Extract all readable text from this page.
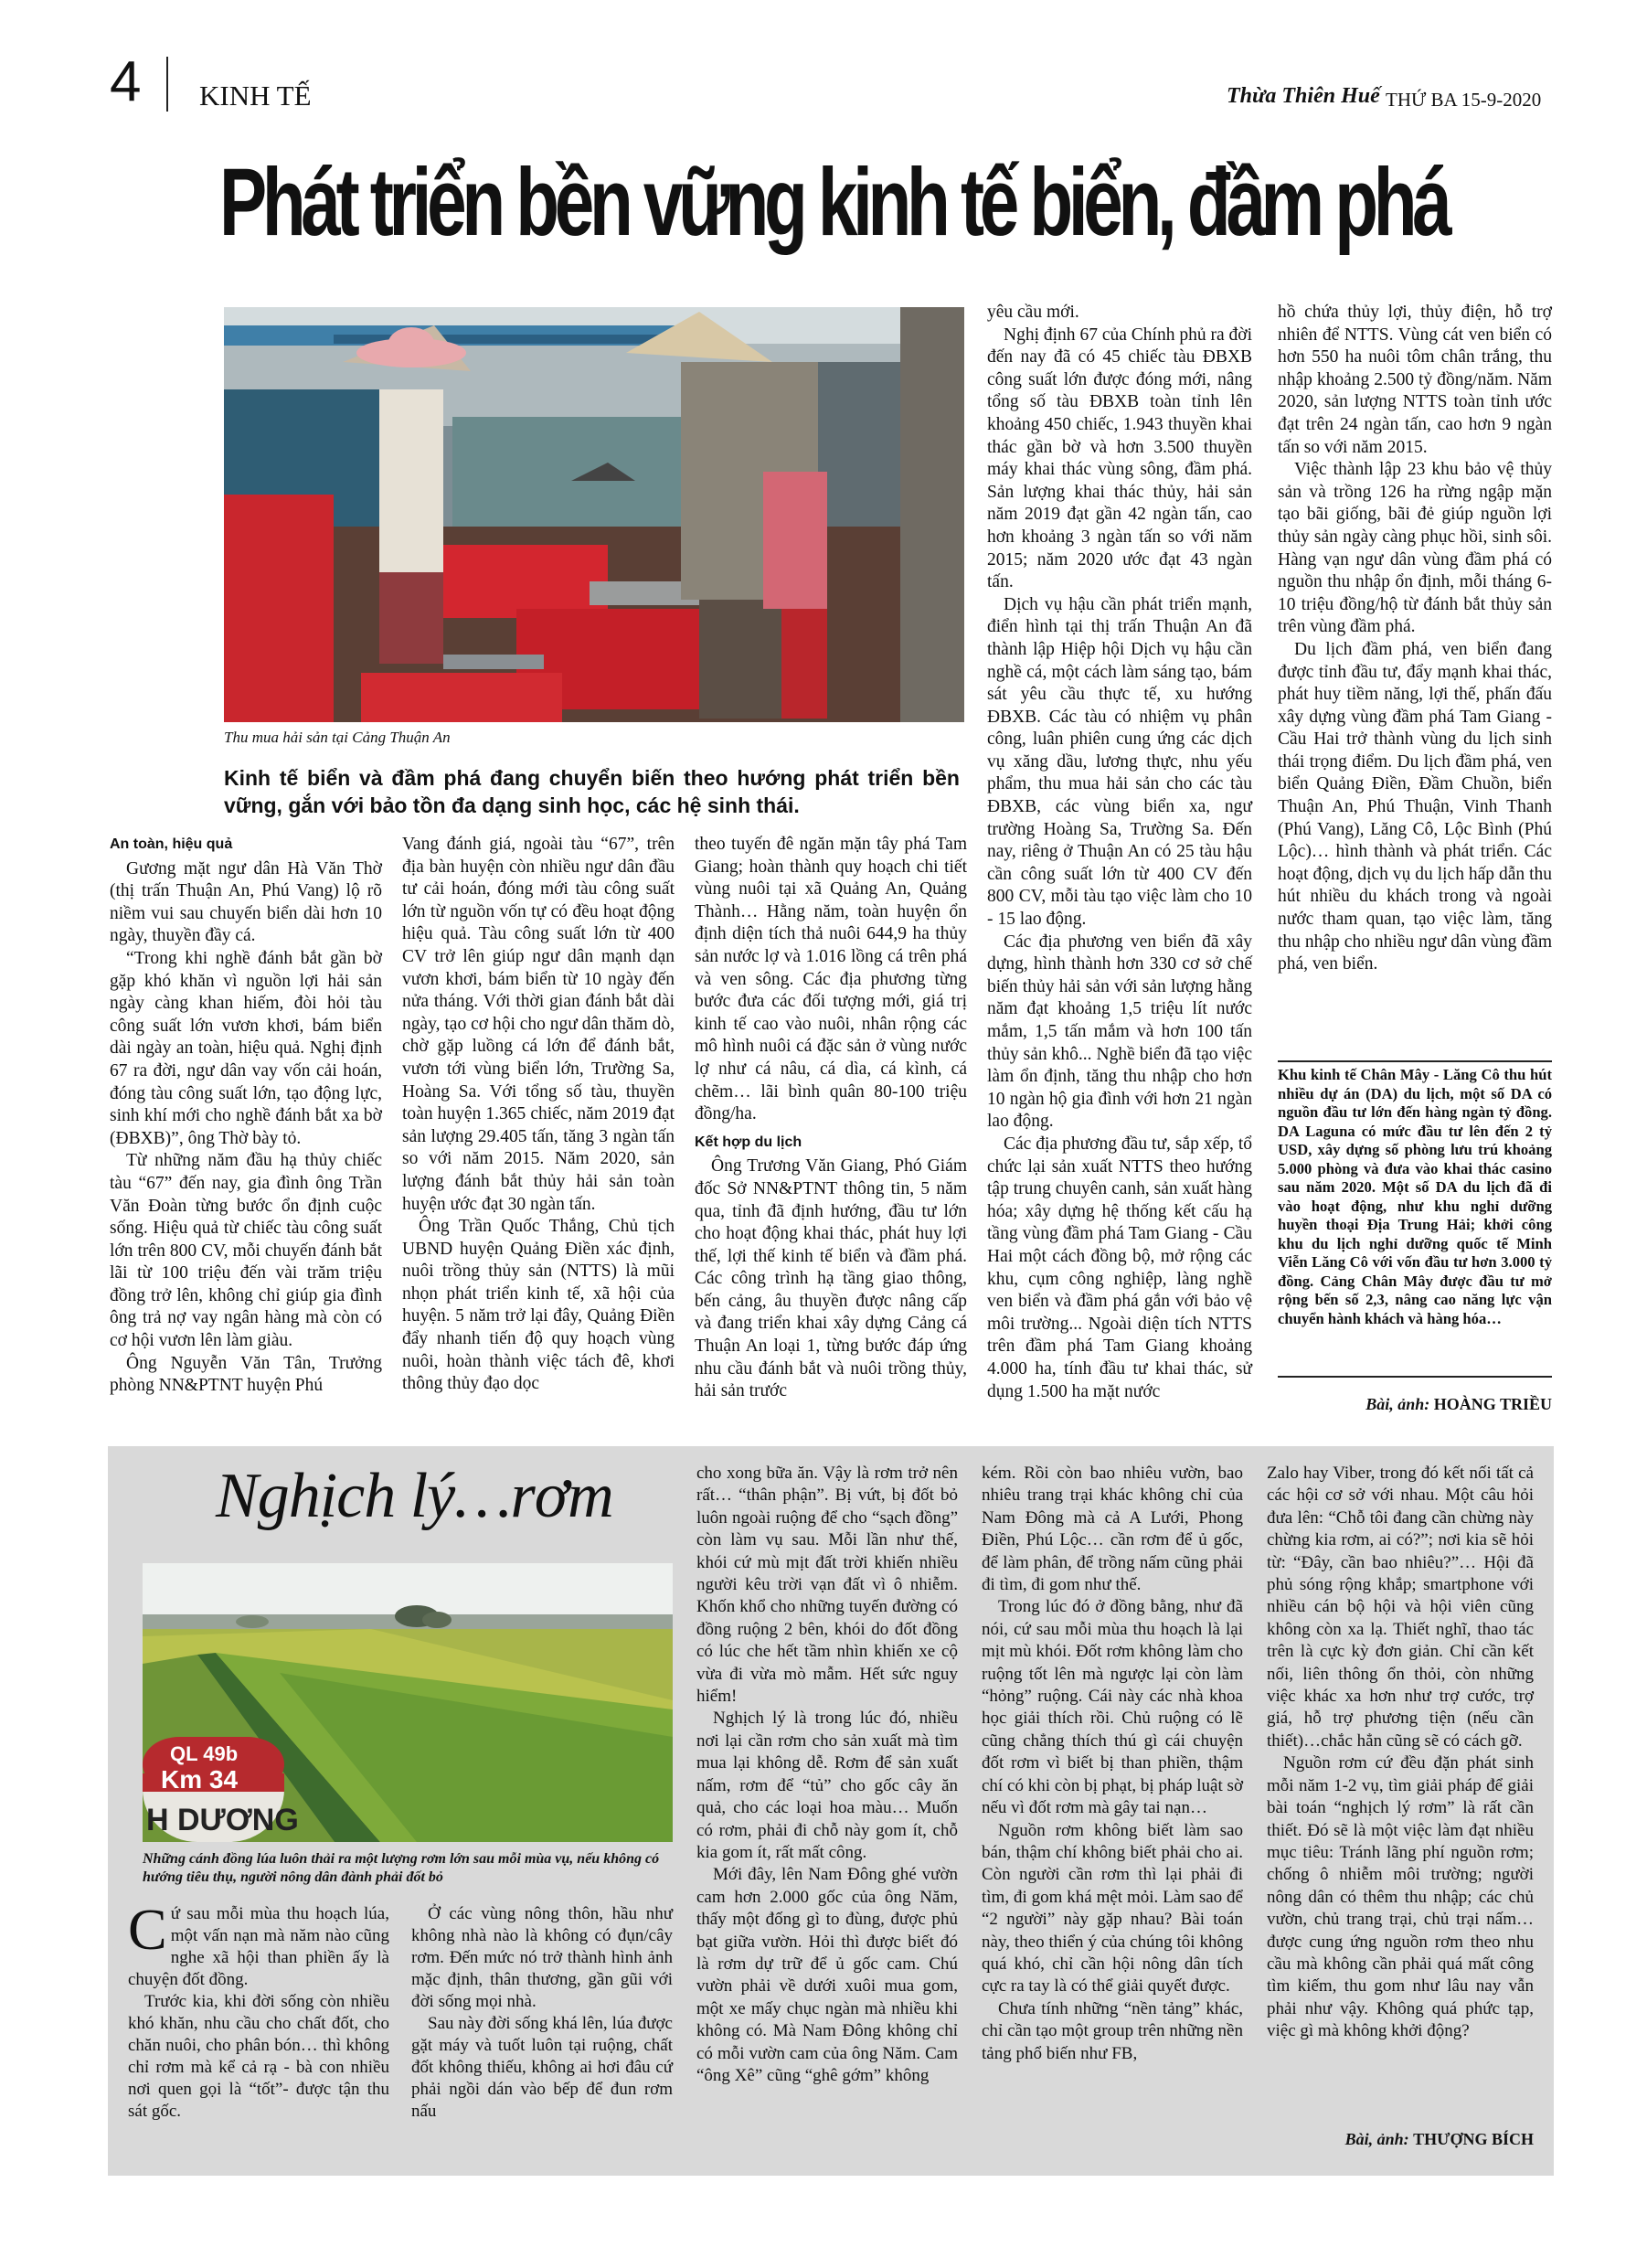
4 KINH TẾ	Thừa Thiên Huế THỨ BA 15-9-2020
Phát triển bền vững kinh tế biển, đầm phá
Thu mua hải sản tại Cảng Thuận An
Kinh tế biển và đầm phá đang chuyển biến theo hướng phát triển bền vững, gắn với bảo tồn đa dạng sinh học, các hệ sinh thái.
An toàn, hiệu quả

Gương mặt ngư dân Hà Văn Thờ (thị trấn Thuận An, Phú Vang) lộ rõ niềm vui sau chuyến biển dài hơn 10 ngày, thuyền đầy cá.

“Trong khi nghề đánh bắt gần bờ gặp khó khăn vì nguồn lợi hải sản ngày càng khan hiếm, đòi hỏi tàu công suất lớn vươn khơi, bám biển dài ngày an toàn, hiệu quả. Nghị định 67 ra đời, ngư dân vay vốn cải hoán, đóng tàu công suất lớn, tạo động lực, sinh khí mới cho nghề đánh bắt xa bờ (ĐBXB)”, ông Thờ bày tỏ.

Từ những năm đầu hạ thủy chiếc tàu “67” đến nay, gia đình ông Trần Văn Đoàn từng bước ổn định cuộc sống. Hiệu quả từ chiếc tàu công suất lớn trên 800 CV, mỗi chuyến đánh bắt lãi từ 100 triệu đến vài trăm triệu đồng trở lên, không chỉ giúp gia đình ông trả nợ vay ngân hàng mà còn có cơ hội vươn lên làm giàu.

Ông Nguyễn Văn Tân, Trưởng phòng NN&PTNT huyện Phú

Vang đánh giá, ngoài tàu “67”, trên địa bàn huyện còn nhiều ngư dân đầu tư cải hoán, đóng mới tàu công suất lớn từ nguồn vốn tự có đều hoạt động hiệu quả. Tàu công suất lớn từ 400 CV trở lên giúp ngư dân mạnh dạn vươn khơi, bám biển từ 10 ngày đến nửa tháng. Với thời gian đánh bắt dài ngày, tạo cơ hội cho ngư dân thăm dò, chờ gặp luồng cá lớn để đánh bắt, vươn tới vùng biển lớn, Trường Sa, Hoàng Sa. Với tổng số tàu, thuyền toàn huyện 1.365 chiếc, năm 2019 đạt sản lượng 29.405 tấn, tăng 3 ngàn tấn so với năm 2015. Năm 2020, sản lượng đánh bắt thủy hải sản toàn huyện ước đạt 30 ngàn tấn.

Ông Trần Quốc Thắng, Chủ tịch UBND huyện Quảng Điền xác định, nuôi trồng thủy sản (NTTS) là mũi nhọn phát triển kinh tế, xã hội của huyện. 5 năm trở lại đây, Quảng Điền đẩy nhanh tiến độ quy hoạch vùng nuôi, hoàn thành việc tách đê, khơi thông thủy đạo dọc

theo tuyến đê ngăn mặn tây phá Tam Giang; hoàn thành quy hoạch chi tiết vùng nuôi tại xã Quảng An, Quảng Thành… Hằng năm, toàn huyện ổn định diện tích thả nuôi 644,9 ha thủy sản nước lợ và 1.016 lồng cá trên phá và ven sông. Các địa phương từng bước đưa các đối tượng mới, giá trị kinh tế cao vào nuôi, nhân rộng các mô hình nuôi cá đặc sản ở vùng nước lợ như cá nâu, cá dìa, cá kình, cá chẽm… lãi bình quân 80-100 triệu đồng/ha.

Kết hợp du lịch

Ông Trương Văn Giang, Phó Giám đốc Sở NN&PTNT thông tin, 5 năm qua, tỉnh đã định hướng, đầu tư lớn cho hoạt động khai thác, phát huy lợi thế, lợi thế kinh tế biển và đầm phá. Các công trình hạ tầng giao thông, bến cảng, âu thuyền được nâng cấp và đang triển khai xây dựng Cảng cá Thuận An loại 1, từng bước đáp ứng nhu cầu đánh bắt và nuôi trồng thủy, hải sản trước

yêu cầu mới.

Nghị định 67 của Chính phủ ra đời đến nay đã có 45 chiếc tàu ĐBXB công suất lớn được đóng mới, nâng tổng số tàu ĐBXB toàn tỉnh lên khoảng 450 chiếc, 1.943 thuyền khai thác gần bờ và hơn 3.500 thuyền máy khai thác vùng sông, đầm phá. Sản lượng khai thác thủy, hải sản năm 2019 đạt gần 42 ngàn tấn, cao hơn khoảng 3 ngàn tấn so với năm 2015; năm 2020 ước đạt 43 ngàn tấn.

Dịch vụ hậu cần phát triển mạnh, điển hình tại thị trấn Thuận An đã thành lập Hiệp hội Dịch vụ hậu cần nghề cá, một cách làm sáng tạo, bám sát yêu cầu thực tế, xu hướng ĐBXB. Các tàu có nhiệm vụ phân công, luân phiên cung ứng các dịch vụ xăng dầu, lương thực, nhu yếu phẩm, thu mua hải sản cho các tàu ĐBXB, các vùng biển xa, ngư trường Hoàng Sa, Trường Sa. Đến nay, riêng ở Thuận An có 25 tàu hậu cần công suất lớn từ 400 CV đến 800 CV, mỗi tàu tạo việc làm cho 10 - 15 lao động.

Các địa phương ven biển đã xây dựng, hình thành hơn 330 cơ sở chế biến thủy hải sản với sản lượng hằng năm đạt khoảng 1,5 triệu lít nước mắm, 1,5 tấn mắm và hơn 100 tấn thủy sản khô... Nghề biển đã tạo việc làm ổn định, tăng thu nhập cho hơn 10 ngàn hộ gia đình với hơn 21 ngàn lao động.

Các địa phương đầu tư, sắp xếp, tổ chức lại sản xuất NTTS theo hướng tập trung chuyên canh, sản xuất hàng hóa; xây dựng hệ thống kết cấu hạ tầng vùng đầm phá Tam Giang - Cầu Hai một cách đồng bộ, mở rộng các khu, cụm công nghiệp, làng nghề ven biển và đầm phá gắn với bảo vệ môi trường... Ngoài diện tích NTTS trên đầm phá Tam Giang khoảng 4.000 ha, tính đầu tư khai thác, sử dụng 1.500 ha mặt nước

hồ chứa thủy lợi, thủy điện, hỗ trợ nhiên để NTTS. Vùng cát ven biển có hơn 550 ha nuôi tôm chân trắng, thu nhập khoảng 2.500 tỷ đồng/năm. Năm 2020, sản lượng NTTS toàn tỉnh ước đạt trên 24 ngàn tấn, cao hơn 9 ngàn tấn so với năm 2015.

Việc thành lập 23 khu bảo vệ thủy sản và trồng 126 ha rừng ngập mặn tạo bãi giống, bãi đẻ giúp nguồn lợi thủy sản ngày càng phục hồi, sinh sôi. Hàng vạn ngư dân vùng đầm phá có nguồn thu nhập ổn định, mỗi tháng 6-10 triệu đồng/hộ từ đánh bắt thủy sản trên vùng đầm phá.

Du lịch đầm phá, ven biển đang được tỉnh đầu tư, đẩy mạnh khai thác, phát huy tiềm năng, lợi thế, phấn đấu xây dựng vùng đầm phá Tam Giang - Cầu Hai trở thành vùng du lịch sinh thái trọng điểm. Du lịch đầm phá, ven biển Quảng Điền, Đầm Chuồn, biển Thuận An, Phú Thuận, Vinh Thanh (Phú Vang), Lăng Cô, Lộc Bình (Phú Lộc)… hình thành và phát triển. Các hoạt động, dịch vụ du lịch hấp dẫn thu hút nhiều du khách trong và ngoài nước tham quan, tạo việc làm, tăng thu nhập cho nhiều ngư dân vùng đầm phá, ven biển.

Khu kinh tế Chân Mây - Lăng Cô thu hút nhiều dự án (DA) du lịch, một số DA có nguồn đầu tư lớn đến hàng ngàn tỷ đồng. DA Laguna có mức đầu tư lên đến 2 tỷ USD, xây dựng số phòng lưu trú khoảng 5.000 phòng và đưa vào khai thác casino sau năm 2020. Một số DA du lịch đã đi vào hoạt động, như khu nghỉ dưỡng huyền thoại Địa Trung Hải; khởi công khu du lịch nghỉ dưỡng quốc tế Minh Viễn Lăng Cô với vốn đầu tư hơn 3.000 tỷ đồng. Cảng Chân Mây được đầu tư mở rộng bến số 2,3, nâng cao năng lực vận chuyển hành khách và hàng hóa…
Bài, ảnh: HOÀNG TRIỀU
Nghịch lý…rơm
QL 49b
Km 34
H DƯƠNG
Những cánh đồng lúa luôn thải ra một lượng rơm lớn sau mỗi mùa vụ, nếu không có hướng tiêu thụ, người nông dân đành phải đốt bỏ
C ứ sau mỗi mùa thu hoạch lúa, một vấn nạn mà năm nào cũng nghe xã hội than phiền ấy là chuyện đốt đồng.

Trước kia, khi đời sống còn nhiều khó khăn, nhu cầu cho chất đốt, cho chăn nuôi, cho phân bón… thì không chỉ rơm mà kể cả rạ - bà con nhiều nơi quen gọi là “tốt”- được tận thu sát gốc.

Ở các vùng nông thôn, hầu như không nhà nào là không có đụn/cây rơm. Đến mức nó trở thành hình ảnh mặc định, thân thương, gần gũi với đời sống mọi nhà.

Sau này đời sống khá lên, lúa được gặt máy và tuốt luôn tại ruộng, chất đốt không thiếu, không ai hơi đâu cứ phải ngồi dán vào bếp để đun rơm nấu

cho xong bữa ăn. Vậy là rơm trở nên rất… “thân phận”. Bị vứt, bị đốt bỏ luôn ngoài ruộng để cho “sạch đồng” còn làm vụ sau. Mỗi lần như thế, khói cứ mù mịt đất trời khiến nhiều người kêu trời vạn đất vì ô nhiễm. Khốn khổ cho những tuyến đường có đồng ruộng 2 bên, khói do đốt đồng có lúc che hết tầm nhìn khiến xe cộ vừa đi vừa mò mẫm. Hết sức nguy hiểm!

Nghịch lý là trong lúc đó, nhiều nơi lại cần rơm cho sản xuất mà tìm mua lại không dễ. Rơm để sản xuất nấm, rơm để “tủ” cho gốc cây ăn quả, cho các loại hoa màu… Muốn có rơm, phải đi chỗ này gom ít, chỗ kia gom ít, rất mất công.

Mới đây, lên Nam Đông ghé vườn cam hơn 2.000 gốc của ông Năm, thấy một đống gì to đùng, được phủ bạt giữa vườn. Hỏi thì được biết đó là rơm dự trữ để ủ gốc cam. Chú vườn phải về dưới xuôi mua gom, một xe mấy chục ngàn mà nhiều khi không có. Mà Nam Đông không chỉ có mỗi vườn cam của ông Năm. Cam “ông Xê” cũng “ghê gớm” không

kém. Rồi còn bao nhiêu vườn, bao nhiêu trang trại khác không chỉ của Nam Đông mà cả A Lưới, Phong Điền, Phú Lộc… cần rơm để ủ gốc, để làm phân, để trồng nấm cũng phải đi tìm, đi gom như thế.

Trong lúc đó ở đồng bằng, như đã nói, cứ sau mỗi mùa thu hoạch là lại mịt mù khói. Đốt rơm không làm cho ruộng tốt lên mà ngược lại còn làm “hỏng” ruộng. Cái này các nhà khoa học giải thích rồi. Chủ ruộng có lẽ cũng chẳng thích thú gì cái chuyện đốt rơm vì biết bị than phiền, thậm chí có khi còn bị phạt, bị pháp luật sờ nếu vì đốt rơm mà gây tai nạn…

Nguồn rơm không biết làm sao bán, thậm chí không biết phải cho ai. Còn người cần rơm thì lại phải đi tìm, đi gom khá mệt mỏi. Làm sao để “2 người” này gặp nhau? Bài toán này, theo thiển ý của chúng tôi không quá khó, chỉ cần hội nông dân tích cực ra tay là có thể giải quyết được.

Chưa tính những “nền tảng” khác, chỉ cần tạo một group trên những nền tảng phổ biến như FB,

Zalo hay Viber, trong đó kết nối tất cả các hội cơ sở với nhau. Một câu hỏi đưa lên: “Chỗ tôi đang cần chừng này chừng kia rơm, ai có?”; nơi kia sẽ hỏi từ: “Đây, cần bao nhiêu?”… Hội đã phủ sóng rộng khắp; smartphone với nhiều cán bộ hội và hội viên cũng không còn xa lạ. Thiết nghĩ, thao tác trên là cực kỳ đơn giản. Chỉ cần kết nối, liên thông ổn thỏi, còn những việc khác xa hơn như trợ cước, trợ giá, hỗ trợ phương tiện (nếu cần thiết)…chắc hẳn cũng sẽ có cách gỡ.

Nguồn rơm cứ đều đặn phát sinh mỗi năm 1-2 vụ, tìm giải pháp để giải bài toán “nghịch lý rơm” là rất cần thiết. Đó sẽ là một việc làm đạt nhiều mục tiêu: Tránh lãng phí nguồn rơm; chống ô nhiễm môi trường; người nông dân có thêm thu nhập; các chủ vườn, chủ trang trại, chủ trại nấm…được cung ứng nguồn rơm theo nhu cầu mà không cần phải quá mất công tìm kiếm, thu gom như lâu nay vẫn phải như vậy. Không quá phức tạp, việc gì mà không khởi động?

Bài, ảnh: THƯỢNG BÍCH
